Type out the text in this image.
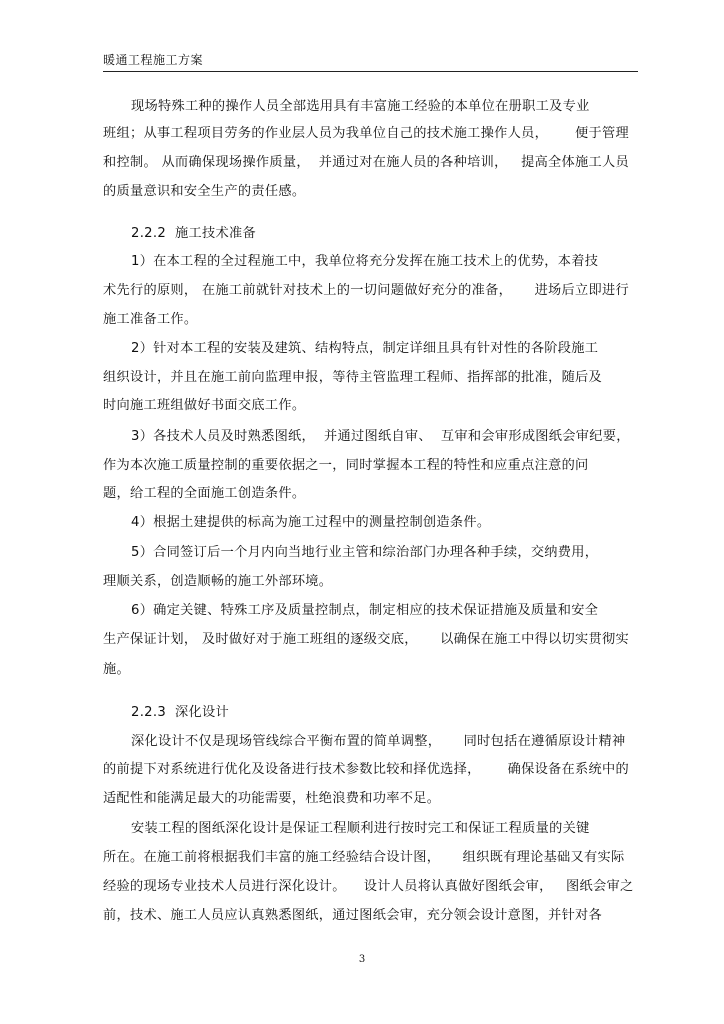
暖通工程施工方案
现场特殊工种的操作人员全部选用具有丰富施工经验的本单位在册职工及专业
班组；从事工程项目劳务的作业层人员为我单位自己的技术施工操作人员，      便于管理
和控制。 从而确保现场操作质量，  并通过对在施人员的各种培训，   提高全体施工人员
的质量意识和安全生产的责任感。
2.2.2  施工技术准备
1）在本工程的全过程施工中，我单位将充分发挥在施工技术上的优势，本着技
术先行的原则， 在施工前就针对技术上的一切问题做好充分的准备，     进场后立即进行
施工准备工作。
2）针对本工程的安装及建筑、结构特点，制定详细且具有针对性的各阶段施工
组织设计，并且在施工前向监理申报，等待主管监理工程师、指挥部的批准，随后及
时向施工班组做好书面交底工作。
3）各技术人员及时熟悉图纸，  并通过图纸自审、  互审和会审形成图纸会审纪要，
作为本次施工质量控制的重要依据之一，同时掌握本工程的特性和应重点注意的问
题，给工程的全面施工创造条件。
4）根据土建提供的标高为施工过程中的测量控制创造条件。
5）合同签订后一个月内向当地行业主管和综治部门办理各种手续，交纳费用，
理顺关系，创造顺畅的施工外部环境。
6）确定关键、特殊工序及质量控制点，制定相应的技术保证措施及质量和安全
生产保证计划， 及时做好对于施工班组的逐级交底，     以确保在施工中得以切实贯彻实
施。
2.2.3  深化设计
深化设计不仅是现场管线综合平衡布置的简单调整，     同时包括在遵循原设计精神
的前提下对系统进行优化及设备进行技术参数比较和择优选择，      确保设备在系统中的
适配性和能满足最大的功能需要，杜绝浪费和功率不足。
安装工程的图纸深化设计是保证工程顺利进行按时完工和保证工程质量的关键
所在。在施工前将根据我们丰富的施工经验结合设计图，     组织既有理论基础又有实际
经验的现场专业技术人员进行深化设计。    设计人员将认真做好图纸会审，   图纸会审之
前，技术、施工人员应认真熟悉图纸，通过图纸会审，充分领会设计意图，并针对各
3
